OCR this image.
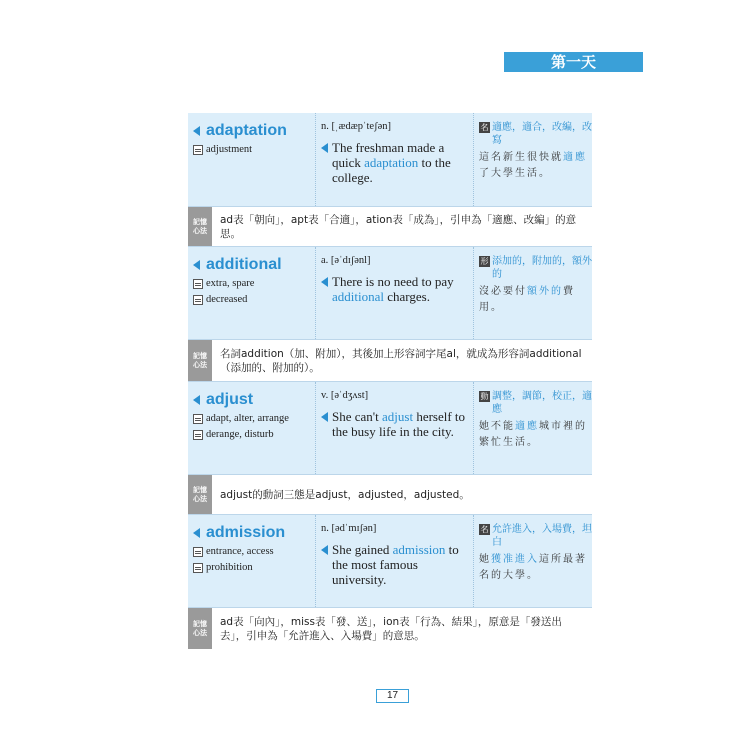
第一天
adaptation
adjustment
n. [ˌædæpˈteʃən]
The freshman made a quick adaptation to the college.
名 適應，適合，改編，改寫
這名新生很快就適應了大學生活。
記憶
心法
ad表「朝向」，apt表「合適」，ation表「成為」，引申為「適應、改編」的意思。
additional
extra, spare
decreased
a. [əˈdɪʃənl]
There is no need to pay additional charges.
形 添加的，附加的，額外的
沒必要付額外的費用。
記憶
心法
名詞addition（加、附加），其後加上形容詞字尾al，就成為形容詞additional（添加的、附加的）。
adjust
adapt, alter, arrange
derange, disturb
v. [əˈdʒʌst]
She can't adjust herself to the busy life in the city.
動 調整，調節，校正，適應
她不能適應城市裡的繁忙生活。
記憶
心法	adjust的動詞三態是adjust，adjusted，adjusted。
admission
entrance, access
prohibition
n. [ədˈmɪʃən]
She gained admission to the most famous university.
名 允許進入，入場費，坦白
她獲准進入這所最著名的大學。
記憶
心法
ad表「向內」，miss表「發、送」，ion表「行為、結果」，原意是「發送出去」，引申為「允許進入、入場費」的意思。
17
